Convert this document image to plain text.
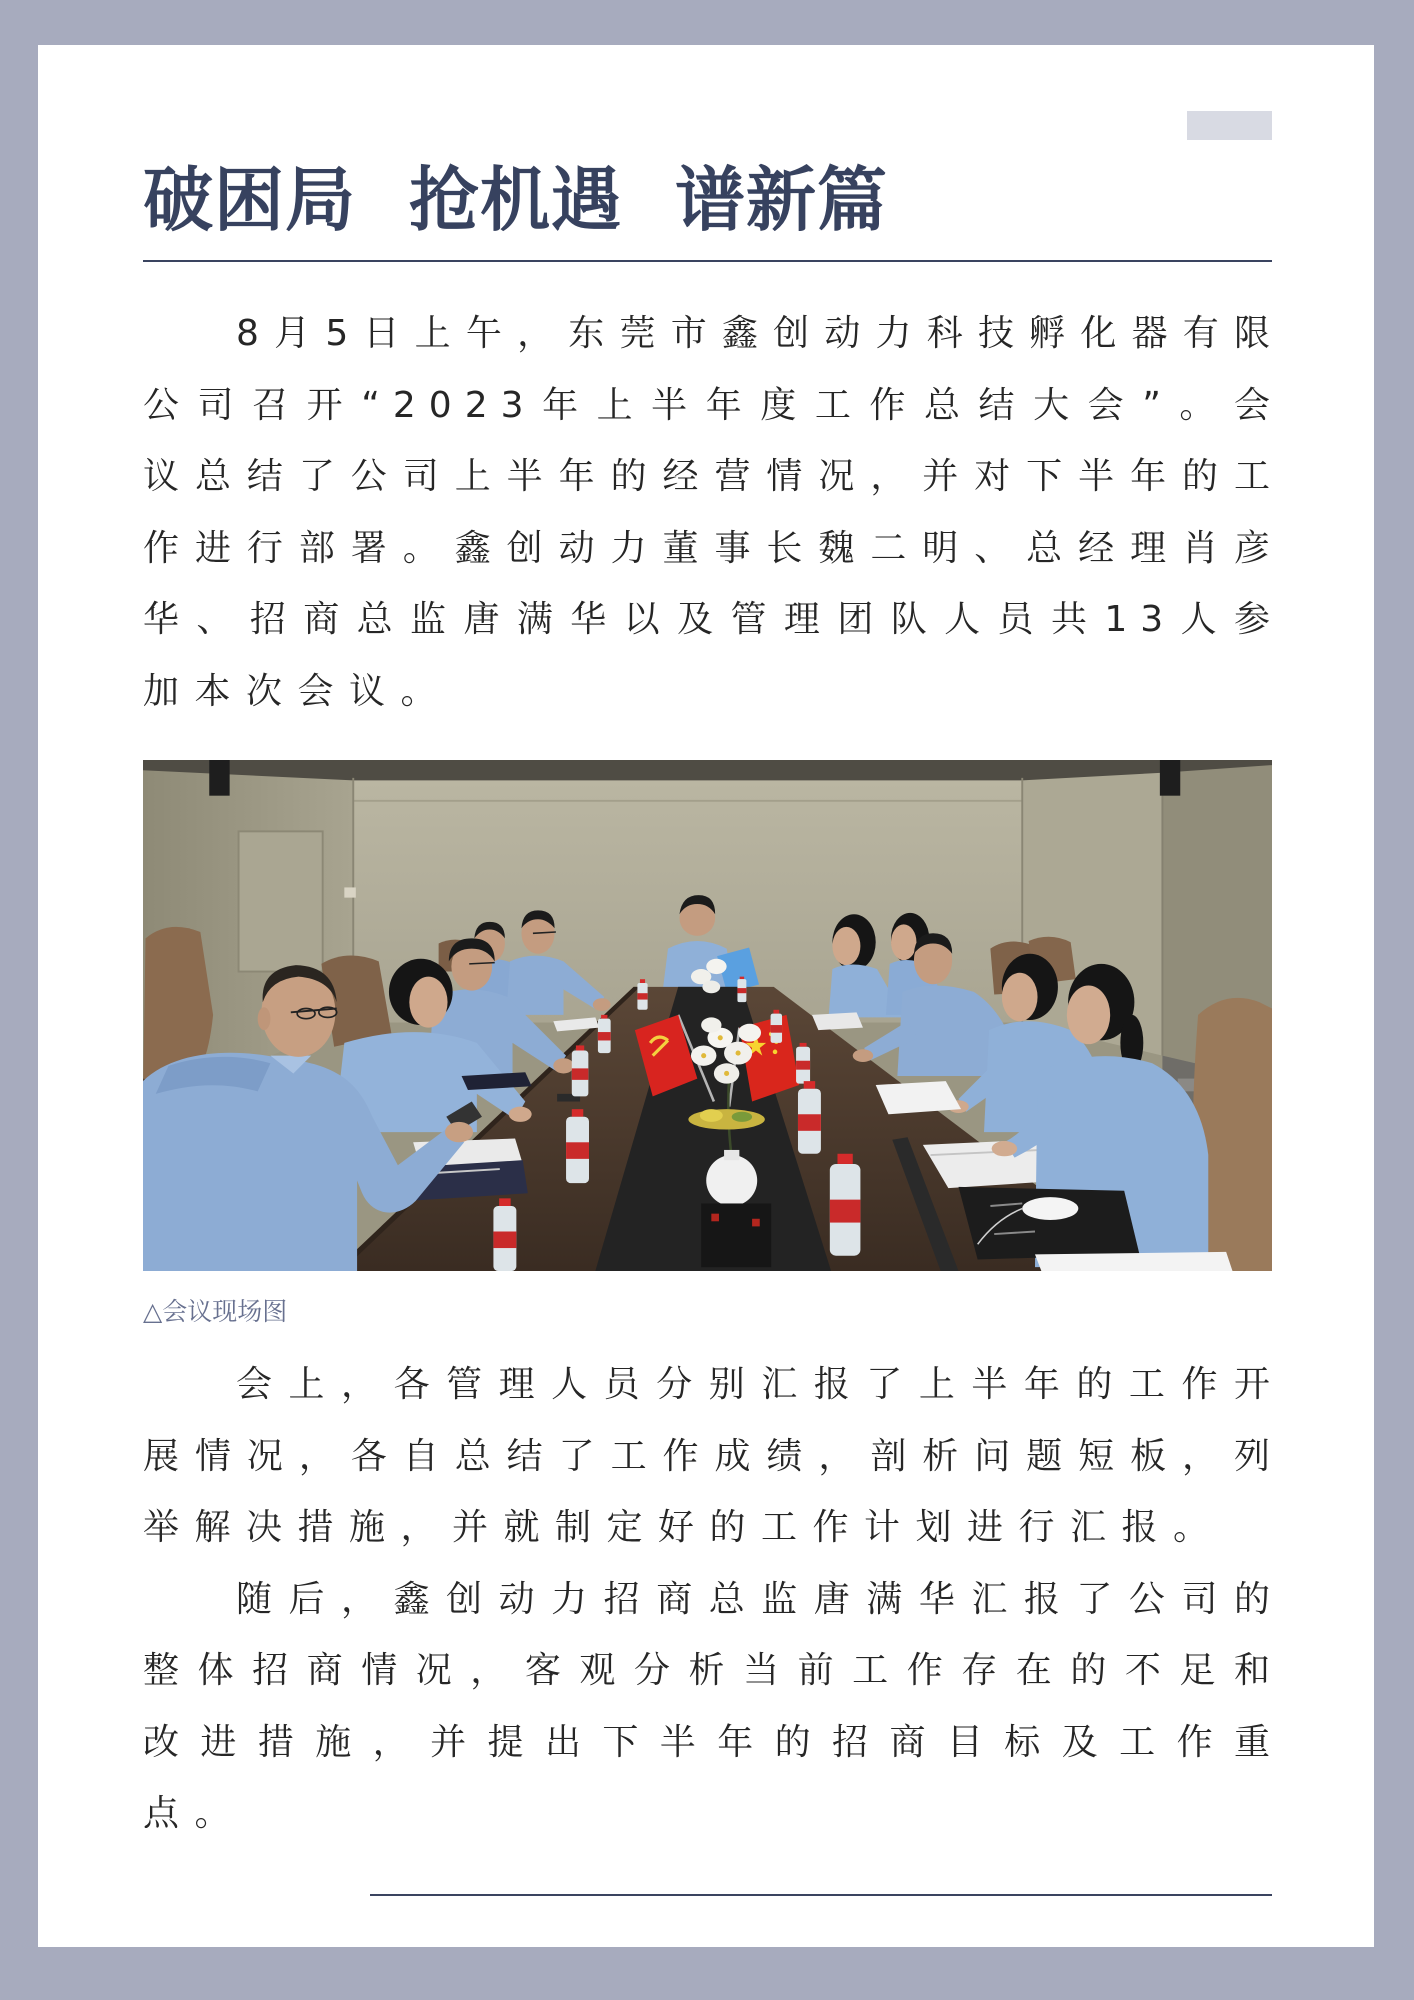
破困局 抢机遇 谱新篇
8月5日上午，东莞市鑫创动力科技孵化器有限
公司召开“2023年上半年度工作总结大会”。会
议总结了公司上半年的经营情况，并对下半年的工
作进行部署。鑫创动力董事长魏二明、总经理肖彦
华、招商总监唐满华以及管理团队人员共13人参
加本次会议。
△会议现场图
会上，各管理人员分别汇报了上半年的工作开
展情况，各自总结了工作成绩，剖析问题短板，列
举解决措施，并就制定好的工作计划进行汇报。
随后，鑫创动力招商总监唐满华汇报了公司的
整体招商情况，客观分析当前工作存在的不足和
改进措施，并提出下半年的招商目标及工作重
点。
